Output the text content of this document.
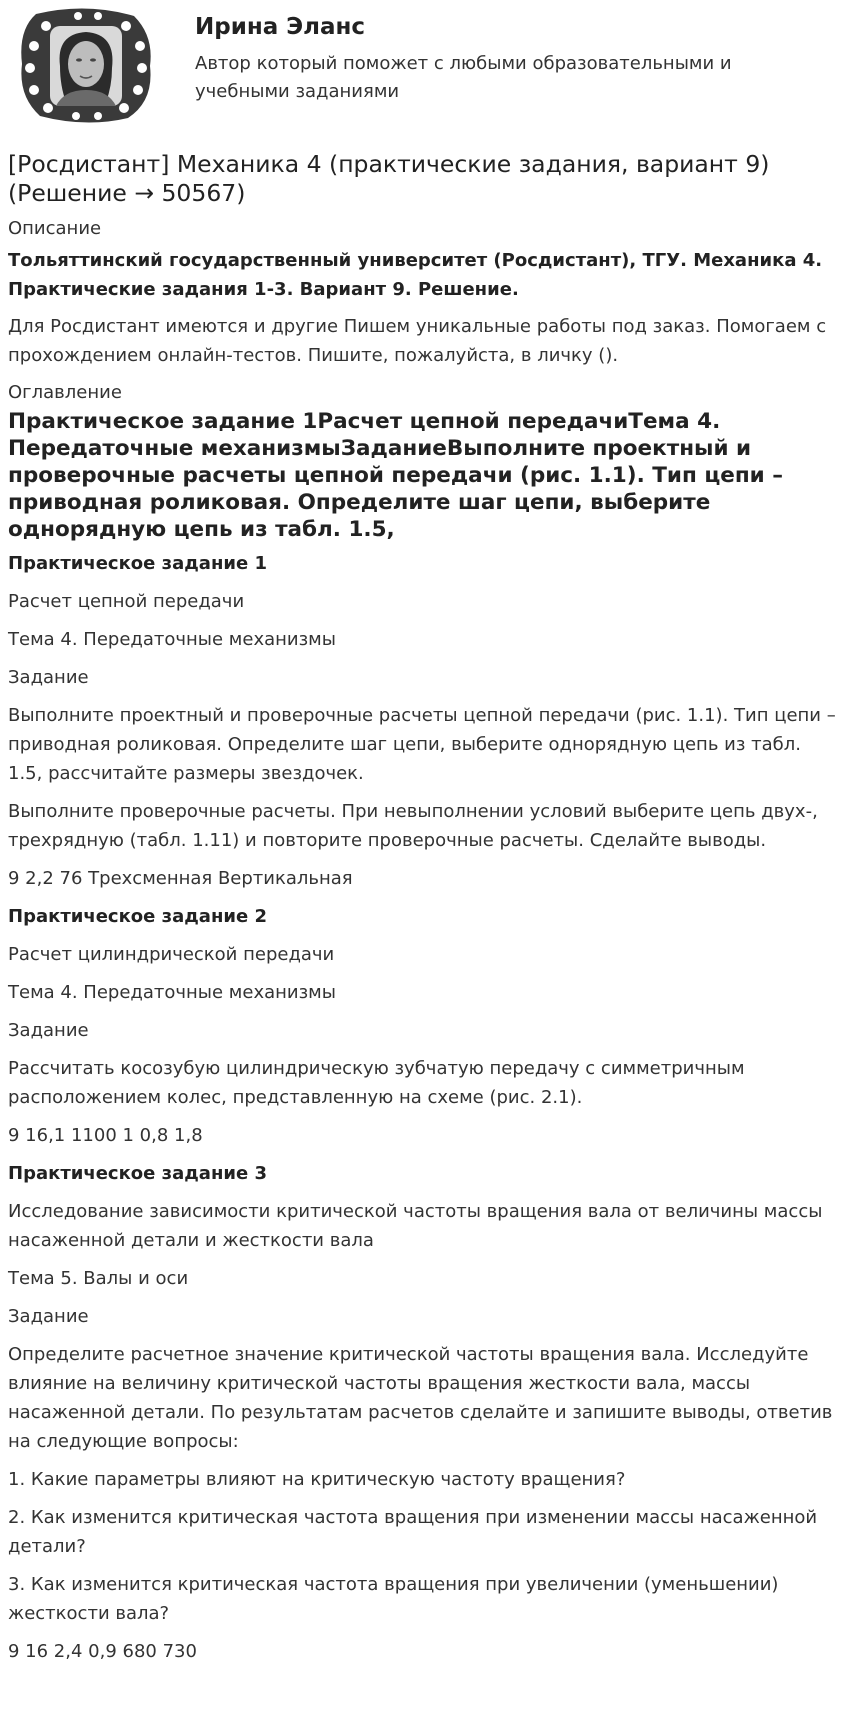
Ирина Эланс

Автор который поможет с любыми образовательными и учебными заданиями

[Росдистант] Механика 4 (практические задания, вариант 9) (Решение → 50567)

Описание

Тольяттинский государственный университет (Росдистант), ТГУ. Механика 4. Практические задания 1-3. Вариант 9. Решение.

Для Росдистант имеются и другие Пишем уникальные работы под заказ. Помогаем с прохождением онлайн-тестов. Пишите, пожалуйста, в личку ().

Оглавление

Практическое задание 1Расчет цепной передачиТема 4. Передаточные механизмыЗаданиеВыполните проектный и проверочные расчеты цепной передачи (рис. 1.1). Тип цепи – приводная роликовая. Определите шаг цепи, выберите однорядную цепь из табл. 1.5,

Практическое задание 1

Расчет цепной передачи

Тема 4. Передаточные механизмы

Задание

Выполните проектный и проверочные расчеты цепной передачи (рис. 1.1). Тип цепи – приводная роликовая. Определите шаг цепи, выберите однорядную цепь из табл. 1.5, рассчитайте размеры звездочек.

Выполните проверочные расчеты. При невыполнении условий выберите цепь двух-, трехрядную (табл. 1.11) и повторите проверочные расчеты. Сделайте выводы.

9 2,2 76 Трехсменная Вертикальная

Практическое задание 2

Расчет цилиндрической передачи

Тема 4. Передаточные механизмы

Задание

Рассчитать косозубую цилиндрическую зубчатую передачу с симметричным расположением колес, представленную на схеме (рис. 2.1).

9 16,1 1100 1 0,8 1,8

Практическое задание 3

Исследование зависимости критической частоты вращения вала от величины массы насаженной детали и жесткости вала

Тема 5. Валы и оси

Задание

Определите расчетное значение критической частоты вращения вала. Исследуйте влияние на величину критической частоты вращения жесткости вала, массы насаженной детали. По результатам расчетов сделайте и запишите выводы, ответив на следующие вопросы:

1. Какие параметры влияют на критическую частоту вращения?

2. Как изменится критическая частота вращения при изменении массы насаженной детали?

3. Как изменится критическая частота вращения при увеличении (уменьшении) жесткости вала?

9 16 2,4 0,9 680 730
